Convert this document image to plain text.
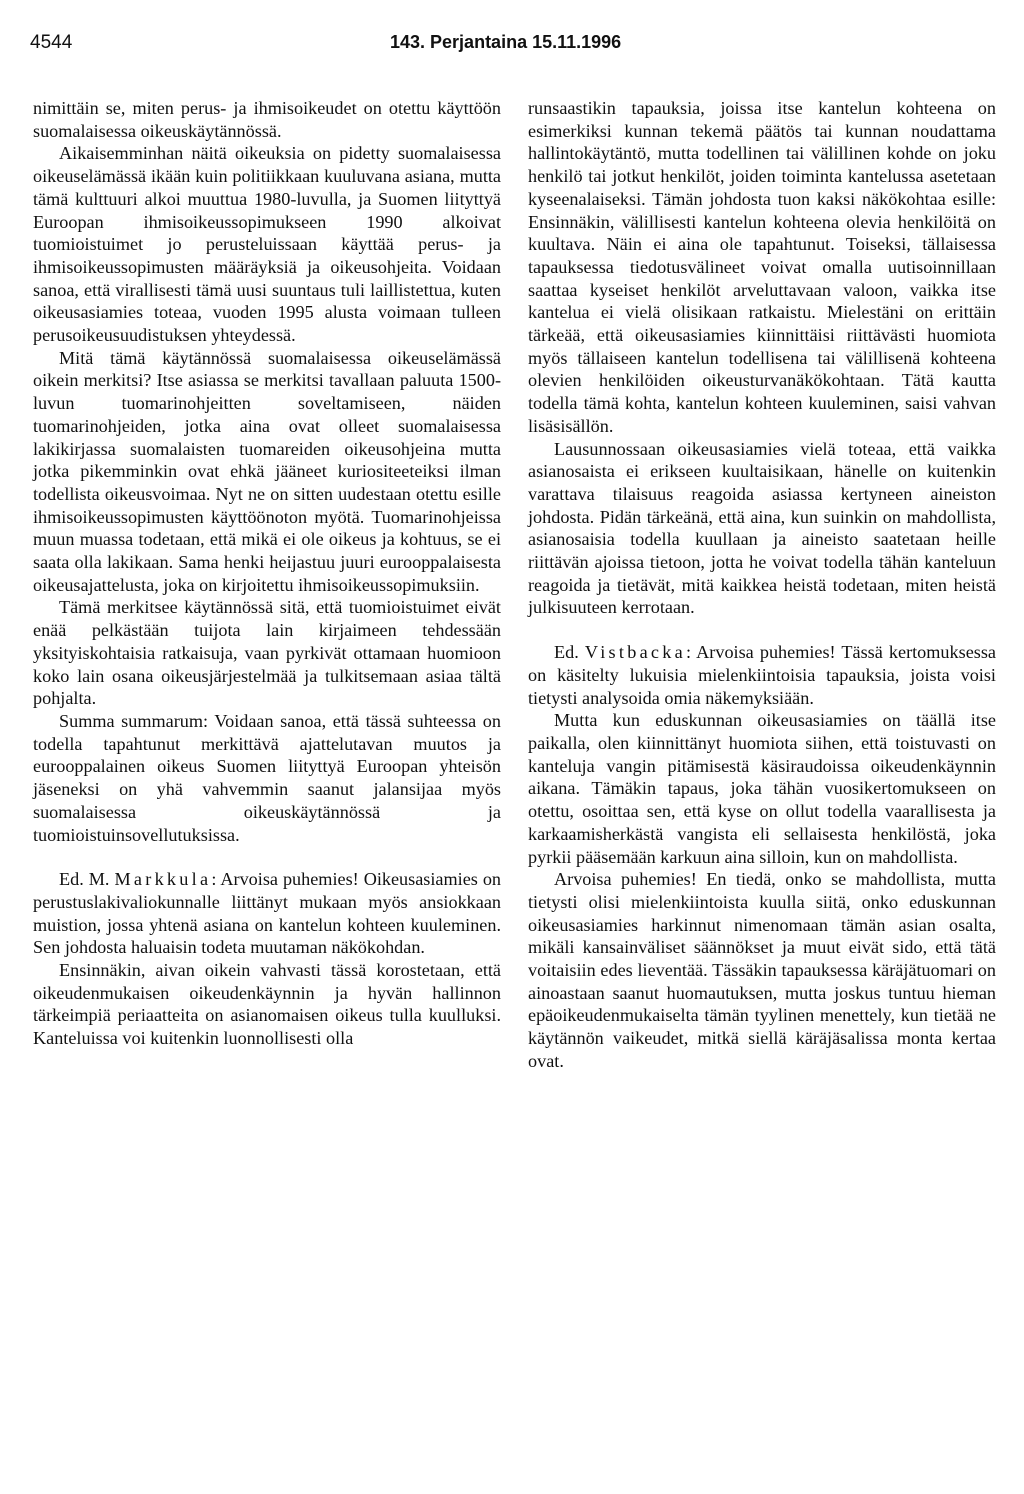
4544	143. Perjantaina 15.11.1996

nimittäin se, miten perus- ja ihmisoikeudet on otettu käyttöön suomalaisessa oikeuskäytännössä.

Aikaisemminhan näitä oikeuksia on pidetty suomalaisessa oikeuselämässä ikään kuin politiikkaan kuuluvana asiana, mutta tämä kulttuuri alkoi muuttua 1980-luvulla, ja Suomen liityttyä Euroopan ihmisoikeussopimukseen 1990 alkoivat tuomioistuimet jo perusteluissaan käyttää perus- ja ihmisoikeussopimusten määräyksiä ja oikeusohjeita. Voidaan sanoa, että virallisesti tämä uusi suuntaus tuli laillistettua, kuten oikeusasiamies toteaa, vuoden 1995 alusta voimaan tulleen perusoikeusuudistuksen yhteydessä.

Mitä tämä käytännössä suomalaisessa oikeuselämässä oikein merkitsi? Itse asiassa se merkitsi tavallaan paluuta 1500-luvun tuomarinohjeitten soveltamiseen, näiden tuomarinohjeiden, jotka aina ovat olleet suomalaisessa lakikirjassa suomalaisten tuomareiden oikeusohjeina mutta jotka pikemminkin ovat ehkä jääneet kuriositeeteiksi ilman todellista oikeusvoimaa. Nyt ne on sitten uudestaan otettu esille ihmisoikeussopimusten käyttöönoton myötä. Tuomarinohjeissa muun muassa todetaan, että mikä ei ole oikeus ja kohtuus, se ei saata olla lakikaan. Sama henki heijastuu juuri eurooppalaisesta oikeusajattelusta, joka on kirjoitettu ihmisoikeussopimuksiin.

Tämä merkitsee käytännössä sitä, että tuomioistuimet eivät enää pelkästään tuijota lain kirjaimeen tehdessään yksityiskohtaisia ratkaisuja, vaan pyrkivät ottamaan huomioon koko lain osana oikeusjärjestelmää ja tulkitsemaan asiaa tältä pohjalta.

Summa summarum: Voidaan sanoa, että tässä suhteessa on todella tapahtunut merkittävä ajattelutavan muutos ja eurooppalainen oikeus Suomen liityttyä Euroopan yhteisön jäseneksi on yhä vahvemmin saanut jalansijaa myös suomalaisessa oikeuskäytännössä ja tuomioistuinsovellutuksissa.

Ed. M. Markkula: Arvoisa puhemies! Oikeusasiamies on perustuslakivaliokunnalle liittänyt mukaan myös ansiokkaan muistion, jossa yhtenä asiana on kantelun kohteen kuuleminen. Sen johdosta haluaisin todeta muutaman näkökohdan.

Ensinnäkin, aivan oikein vahvasti tässä korostetaan, että oikeudenmukaisen oikeudenkäynnin ja hyvän hallinnon tärkeimpiä periaatteita on asianomaisen oikeus tulla kuulluksi. Kanteluissa voi kuitenkin luonnollisesti olla

runsaastikin tapauksia, joissa itse kantelun kohteena on esimerkiksi kunnan tekemä päätös tai kunnan noudattama hallintokäytäntö, mutta todellinen tai välillinen kohde on joku henkilö tai jotkut henkilöt, joiden toiminta kantelussa asetetaan kyseenalaiseksi. Tämän johdosta tuon kaksi näkökohtaa esille: Ensinnäkin, välillisesti kantelun kohteena olevia henkilöitä on kuultava. Näin ei aina ole tapahtunut. Toiseksi, tällaisessa tapauksessa tiedotusvälineet voivat omalla uutisoinnillaan saattaa kyseiset henkilöt arveluttavaan valoon, vaikka itse kantelua ei vielä olisikaan ratkaistu. Mielestäni on erittäin tärkeää, että oikeusasiamies kiinnittäisi riittävästi huomiota myös tällaiseen kantelun todellisena tai välillisenä kohteena olevien henkilöiden oikeusturvanäkökohtaan. Tätä kautta todella tämä kohta, kantelun kohteen kuuleminen, saisi vahvan lisäsisällön.

Lausunnossaan oikeusasiamies vielä toteaa, että vaikka asianosaista ei erikseen kuultaisikaan, hänelle on kuitenkin varattava tilaisuus reagoida asiassa kertyneen aineiston johdosta. Pidän tärkeänä, että aina, kun suinkin on mahdollista, asianosaisia todella kuullaan ja aineisto saatetaan heille riittävän ajoissa tietoon, jotta he voivat todella tähän kanteluun reagoida ja tietävät, mitä kaikkea heistä todetaan, miten heistä julkisuuteen kerrotaan.

Ed. Vistbacka: Arvoisa puhemies! Tässä kertomuksessa on käsitelty lukuisia mielenkiintoisia tapauksia, joista voisi tietysti analysoida omia näkemyksiään.

Mutta kun eduskunnan oikeusasiamies on täällä itse paikalla, olen kiinnittänyt huomiota siihen, että toistuvasti on kanteluja vangin pitämisestä käsiraudoissa oikeudenkäynnin aikana. Tämäkin tapaus, joka tähän vuosikertomukseen on otettu, osoittaa sen, että kyse on ollut todella vaarallisesta ja karkaamisherkästä vangista eli sellaisesta henkilöstä, joka pyrkii pääsemään karkuun aina silloin, kun on mahdollista.

Arvoisa puhemies! En tiedä, onko se mahdollista, mutta tietysti olisi mielenkiintoista kuulla siitä, onko eduskunnan oikeusasiamies harkinnut nimenomaan tämän asian osalta, mikäli kansainväliset säännökset ja muut eivät sido, että tätä voitaisiin edes lieventää. Tässäkin tapauksessa käräjätuomari on ainoastaan saanut huomautuksen, mutta joskus tuntuu hieman epäoikeudenmukaiselta tämän tyylinen menettely, kun tietää ne käytännön vaikeudet, mitkä siellä käräjäsalissa monta kertaa ovat.
